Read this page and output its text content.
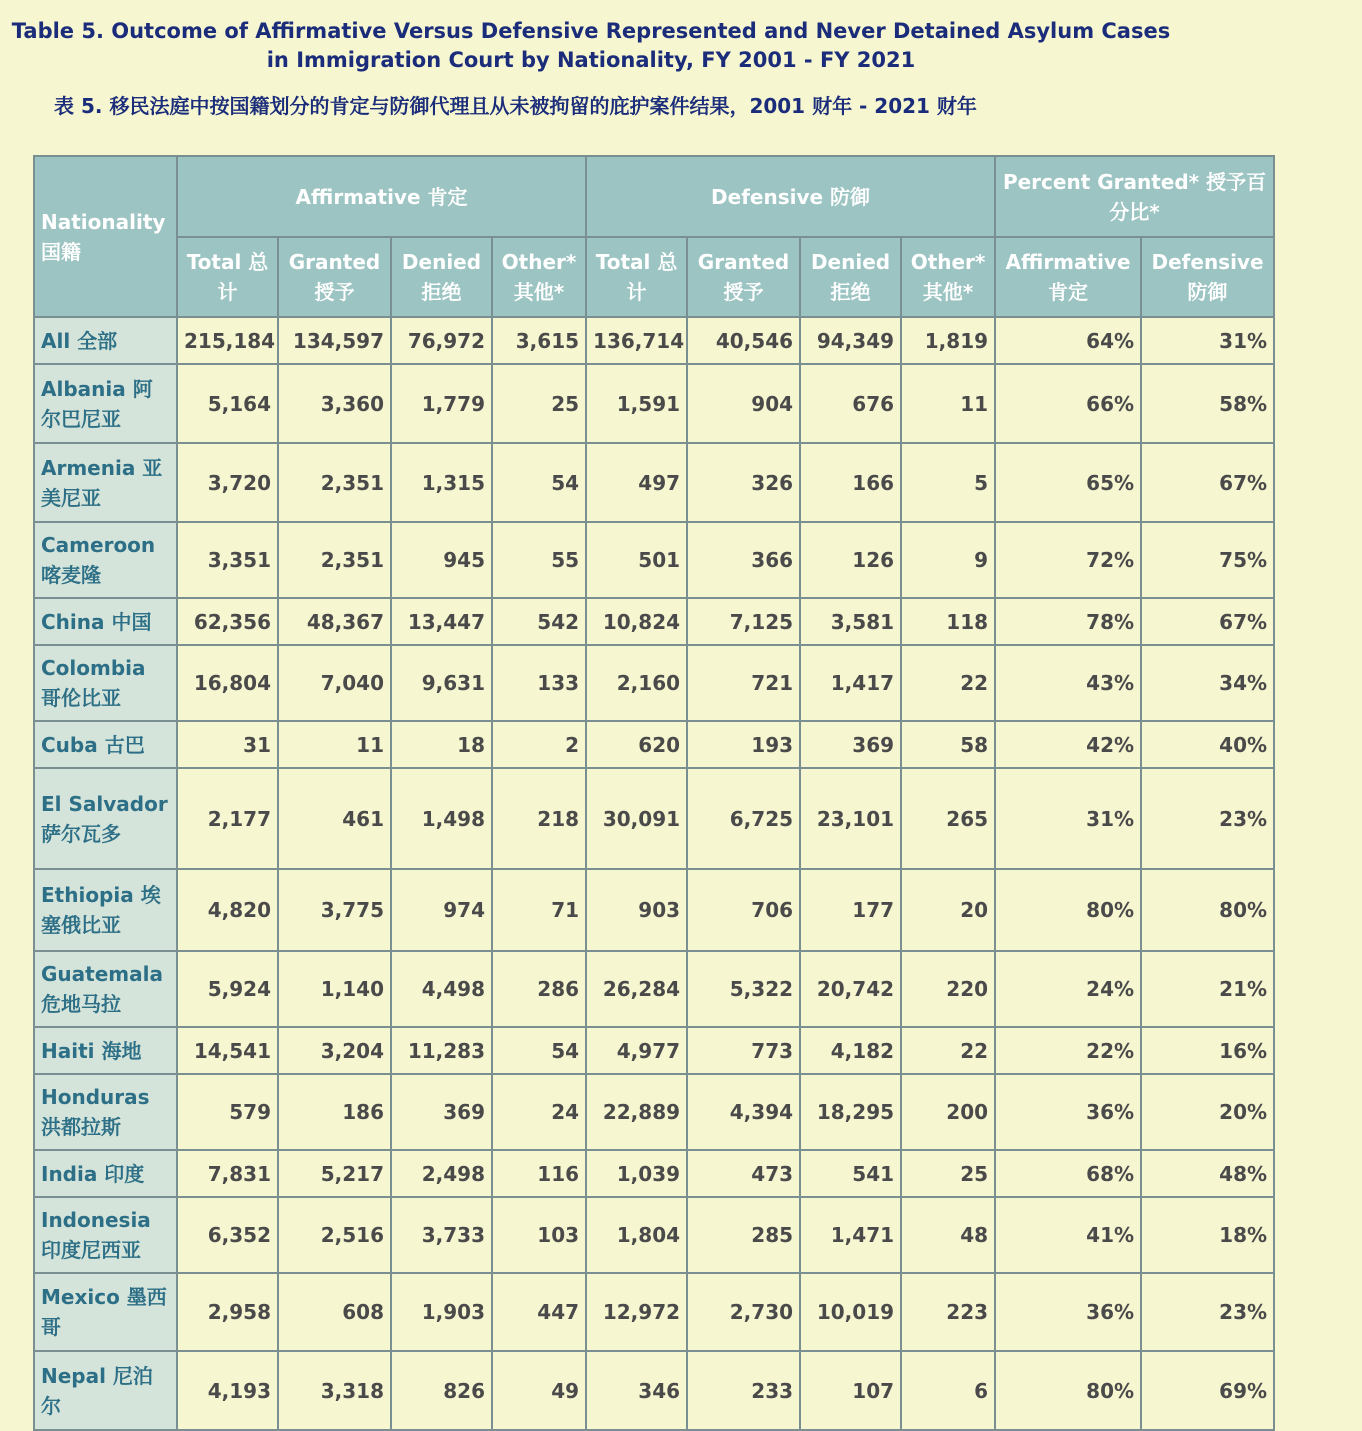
Table 5. Outcome of Affirmative Versus Defensive Represented and Never Detained Asylum Cases
in Immigration Court by Nationality, FY 2001 - FY 2021
表 5. 移民法庭中按国籍划分的肯定与防御代理且从未被拘留的庇护案件结果，2001 财年 - 2021 财年
Nationality 国籍	Affirmative 肯定				Defensive 防御				Percent Granted* 授予百分比*	
	Total 总计	Granted 授予	Denied 拒绝	Other* 其他*	Total 总计	Granted 授予	Denied 拒绝	Other* 其他*	Affirmative 肯定	Defensive 防御
All 全部	215,184	134,597	76,972	3,615	136,714	40,546	94,349	1,819	64%	31%
Albania 阿尔巴尼亚	5,164	3,360	1,779	25	1,591	904	676	11	66%	58%
Armenia 亚美尼亚	3,720	2,351	1,315	54	497	326	166	5	65%	67%
Cameroon 喀麦隆	3,351	2,351	945	55	501	366	126	9	72%	75%
China 中国	62,356	48,367	13,447	542	10,824	7,125	3,581	118	78%	67%
Colombia 哥伦比亚	16,804	7,040	9,631	133	2,160	721	1,417	22	43%	34%
Cuba 古巴	31	11	18	2	620	193	369	58	42%	40%
El Salvador 萨尔瓦多	2,177	461	1,498	218	30,091	6,725	23,101	265	31%	23%
Ethiopia 埃塞俄比亚	4,820	3,775	974	71	903	706	177	20	80%	80%
Guatemala 危地马拉	5,924	1,140	4,498	286	26,284	5,322	20,742	220	24%	21%
Haiti 海地	14,541	3,204	11,283	54	4,977	773	4,182	22	22%	16%
Honduras 洪都拉斯	579	186	369	24	22,889	4,394	18,295	200	36%	20%
India 印度	7,831	5,217	2,498	116	1,039	473	541	25	68%	48%
Indonesia 印度尼西亚	6,352	2,516	3,733	103	1,804	285	1,471	48	41%	18%
Mexico 墨西哥	2,958	608	1,903	447	12,972	2,730	10,019	223	36%	23%
Nepal 尼泊尔	4,193	3,318	826	49	346	233	107	6	80%	69%
